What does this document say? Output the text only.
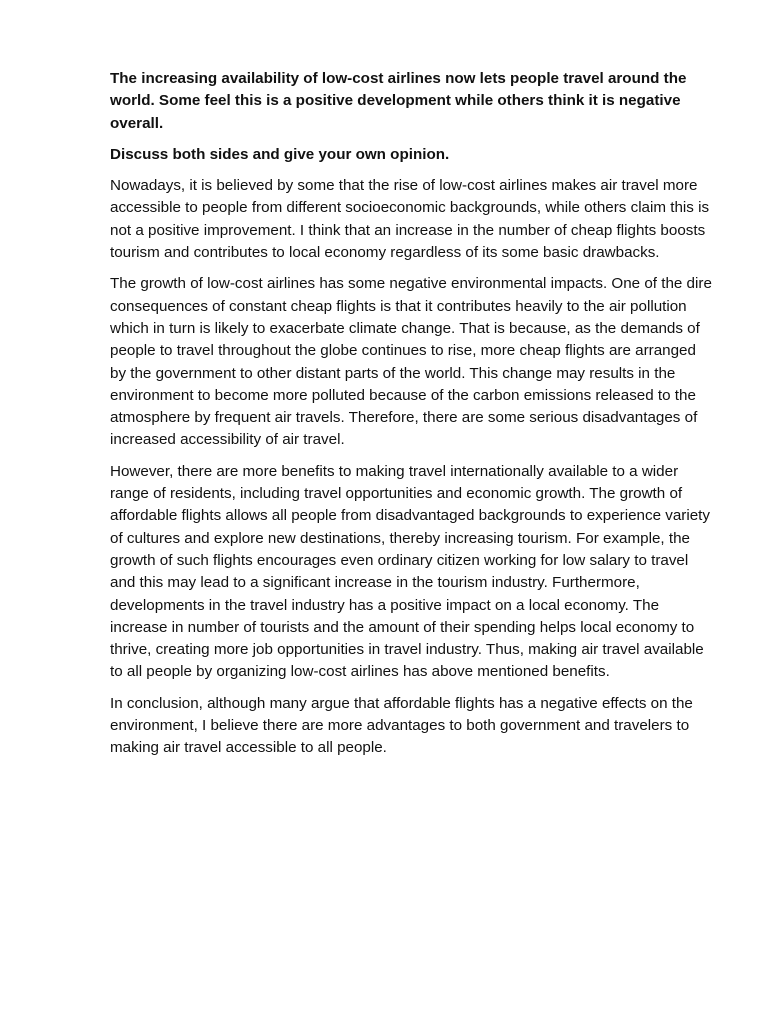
The increasing availability of low-cost airlines now lets people travel around the world. Some feel this is a positive development while others think it is negative overall.

Discuss both sides and give your own opinion.

Nowadays, it is believed by some that the rise of low-cost airlines makes air travel more accessible to people from different socioeconomic backgrounds, while others claim this is not a positive improvement. I think that an increase in the number of cheap flights boosts tourism and contributes to local economy regardless of its some basic drawbacks.

The growth of low-cost airlines has some negative environmental impacts. One of the dire consequences of constant cheap flights is that it contributes heavily to the air pollution which in turn is likely to exacerbate climate change. That is because, as the demands of people to travel throughout the globe continues to rise, more cheap flights are arranged by the government to other distant parts of the world. This change may results in the environment to become more polluted because of the carbon emissions released to the atmosphere by frequent air travels. Therefore, there are some serious disadvantages of increased accessibility of air travel.

However, there are more benefits to making travel internationally available to a wider range of residents, including travel opportunities and economic growth. The growth of affordable flights allows all people from disadvantaged backgrounds to experience variety of cultures and explore new destinations, thereby increasing tourism. For example, the growth of such flights encourages even ordinary citizen working for low salary to travel and this may lead to a significant increase in the tourism industry. Furthermore, developments in the travel industry has a positive impact on a local economy. The increase in number of tourists and the amount of their spending helps local economy to thrive, creating more job opportunities in travel industry. Thus, making air travel available to all people by organizing low-cost airlines has above mentioned benefits.

In conclusion, although many argue that affordable flights has a negative effects on the environment, I believe there are more advantages to both government and travelers to making air travel accessible to all people.
